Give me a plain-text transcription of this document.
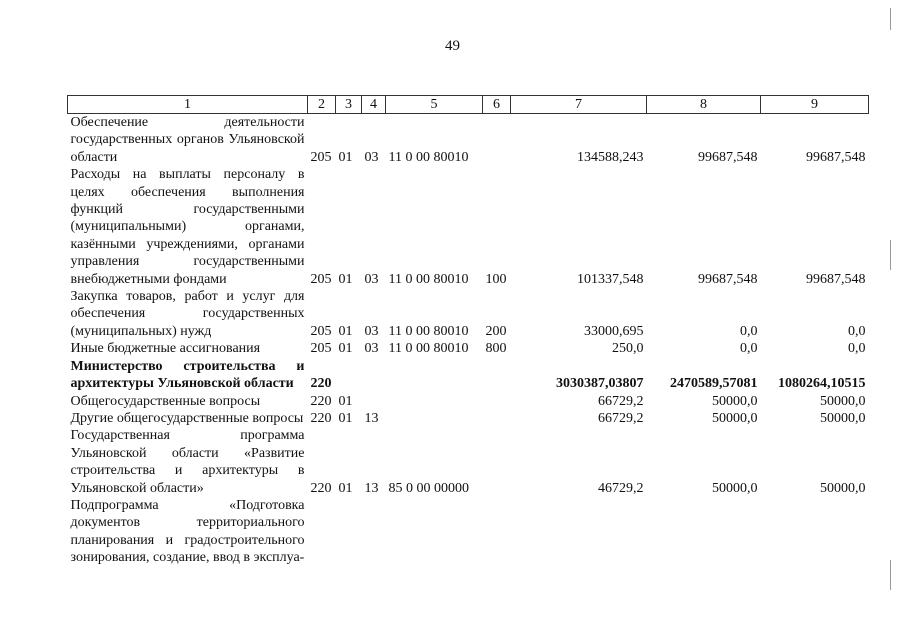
49
1	2	3	4	5	6	7	8	9
Обеспечение деятельности государственных органов Ульяновской области	205	01	03	11 0 00 80010		134588,243	99687,548	99687,548
Расходы на выплаты персоналу в целях обеспечения выполнения функций государственными (муниципальными) органами, казёнными учреждениями, органами управления государственными внебюджетными фондами	205	01	03	11 0 00 80010	100	101337,548	99687,548	99687,548
Закупка товаров, работ и услуг для обеспечения государственных (муниципальных) нужд	205	01	03	11 0 00 80010	200	33000,695	0,0	0,0
Иные бюджетные ассигнования	205	01	03	11 0 00 80010	800	250,0	0,0	0,0
Министерство строительства и архитектуры Ульяновской области	220					3030387,03807	2470589,57081	1080264,10515
Общегосударственные вопросы	220	01				66729,2	50000,0	50000,0
Другие общегосударственные вопросы	220	01	13			66729,2	50000,0	50000,0
Государственная программа Ульяновской области «Развитие строительства и архитектуры в Ульяновской области»	220	01	13	85 0 00 00000		46729,2	50000,0	50000,0
Подпрограмма «Подготовка документов территориального планирования и градостроительного зонирования, создание, ввод в эксплуа-								
